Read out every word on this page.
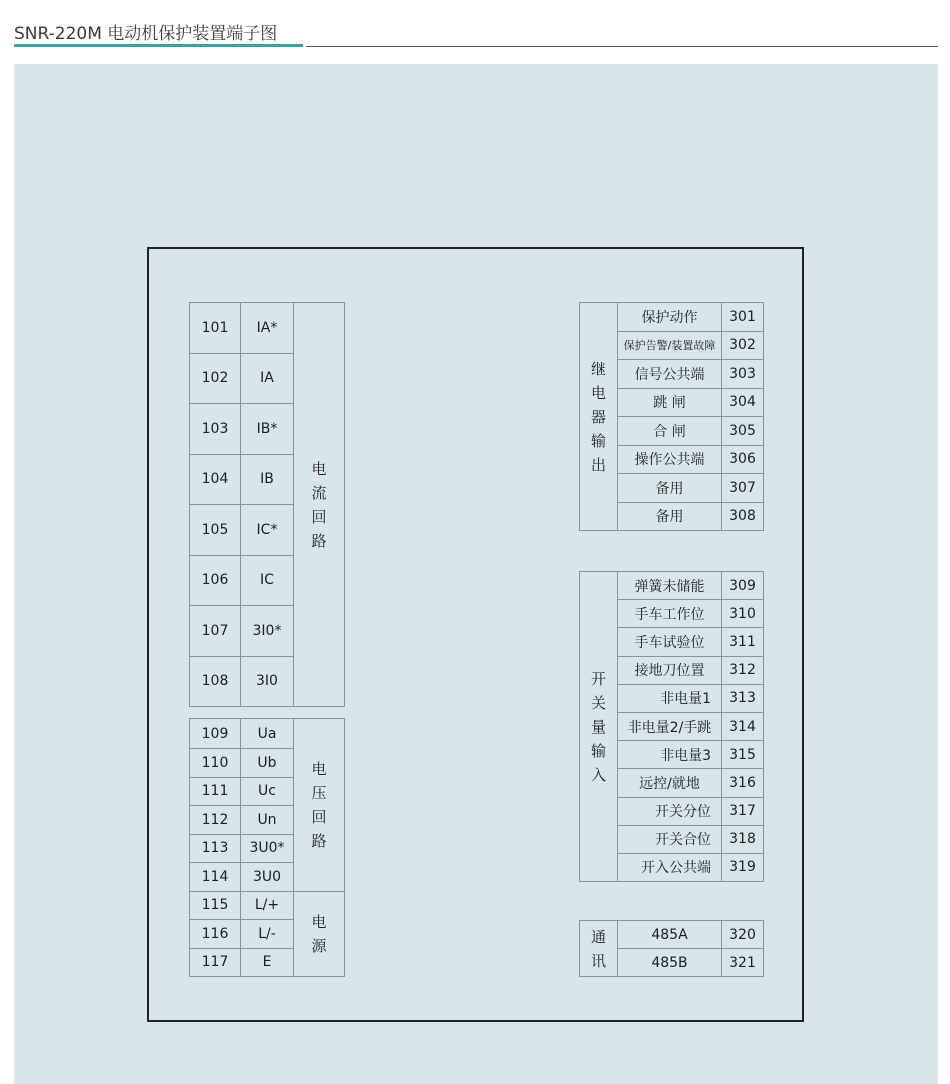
SNR-220M 电动机保护装置端子图
101	IA*	电
流
回
路

102	IA	
103	IB*	
104	IB	
105	IC*	
106	IC	
107	3I0*	
108	3I0	
109	Ua	电
压
回
路

110	Ub	
111	Uc	
112	Un	
113	3U0*	
114	3U0	
115	L/+	电
源

116	L/-	
117	E	
继
电
器
输
出	保护动作	301
	保护告警/装置故障	302
	信号公共端	303
	跳 闸	304
	合 闸	305
	操作公共端	306
	备用	307
	备用	308
开
关
量
输
入	弹簧未储能	309
	手车工作位	310
	手车试验位	311
	接地刀位置	312
	非电量1	313
	非电量2/手跳	314
	非电量3	315
	远控/就地	316
	开关分位	317
	开关合位	318
	开入公共端	319
通
讯	485A	320
	485B	321
